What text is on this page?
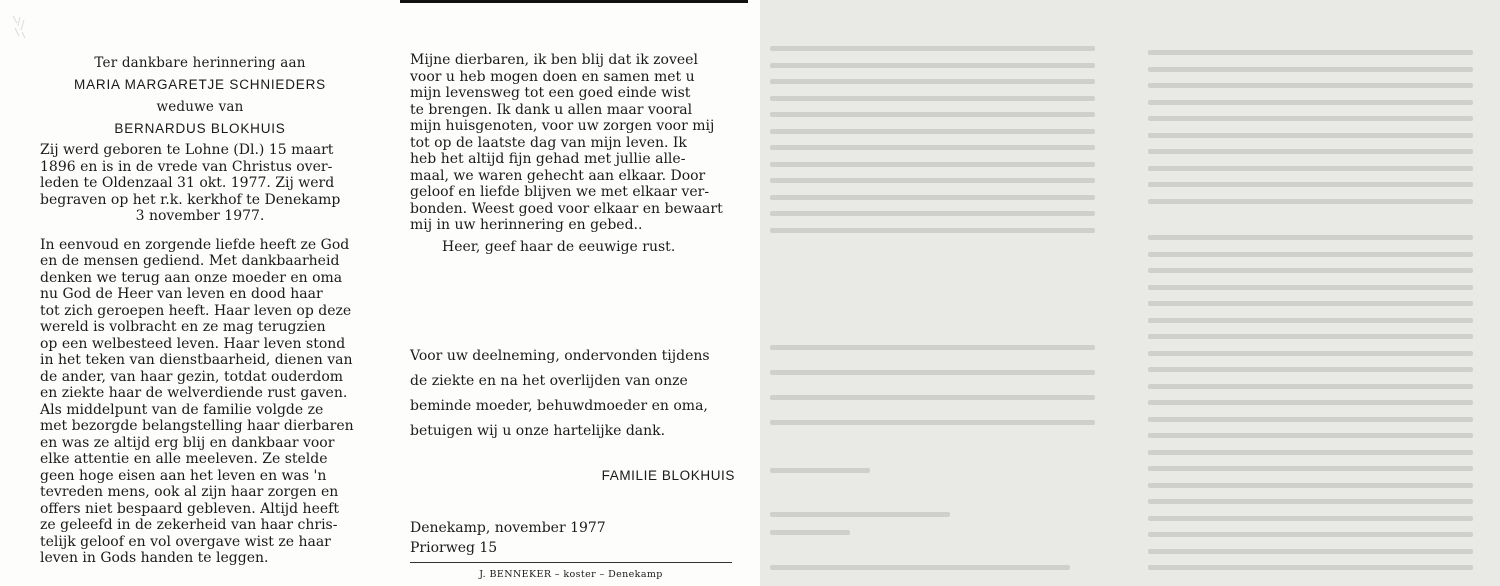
Ter dankbare herinnering aan
MARIA MARGARETJE SCHNIEDERS
weduwe van
BERNARDUS BLOKHUIS
Zij werd geboren te Lohne (Dl.) 15 maart
1896 en is in de vrede van Christus over-
leden te Oldenzaal 31 okt. 1977. Zij werd
begraven op het r.k. kerkhof te Denekamp
3 november 1977.
In eenvoud en zorgende liefde heeft ze God
en de mensen gediend. Met dankbaarheid
denken we terug aan onze moeder en oma
nu God de Heer van leven en dood haar
tot zich geroepen heeft. Haar leven op deze
wereld is volbracht en ze mag terugzien
op een welbesteed leven. Haar leven stond
in het teken van dienstbaarheid, dienen van
de ander, van haar gezin, totdat ouderdom
en ziekte haar de welverdiende rust gaven.
Als middelpunt van de familie volgde ze
met bezorgde belangstelling haar dierbaren
en was ze altijd erg blij en dankbaar voor
elke attentie en alle meeleven. Ze stelde
geen hoge eisen aan het leven en was 'n
tevreden mens, ook al zijn haar zorgen en
offers niet bespaard gebleven. Altijd heeft
ze geleefd in de zekerheid van haar chris-
telijk geloof en vol overgave wist ze haar
leven in Gods handen te leggen.
Mijne dierbaren, ik ben blij dat ik zoveel
voor u heb mogen doen en samen met u
mijn levensweg tot een goed einde wist
te brengen. Ik dank u allen maar vooral
mijn huisgenoten, voor uw zorgen voor mij
tot op de laatste dag van mijn leven. Ik
heb het altijd fijn gehad met jullie alle-
maal, we waren gehecht aan elkaar. Door
geloof en liefde blijven we met elkaar ver-
bonden. Weest goed voor elkaar en bewaart
mij in uw herinnering en gebed..
Heer, geef haar de eeuwige rust.
Voor uw deelneming, ondervonden tijdens
de ziekte en na het overlijden van onze
beminde moeder, behuwdmoeder en oma,
betuigen wij u onze hartelijke dank.
FAMILIE BLOKHUIS
Denekamp, november 1977
Priorweg 15
J. BENNEKER – koster – Denekamp
